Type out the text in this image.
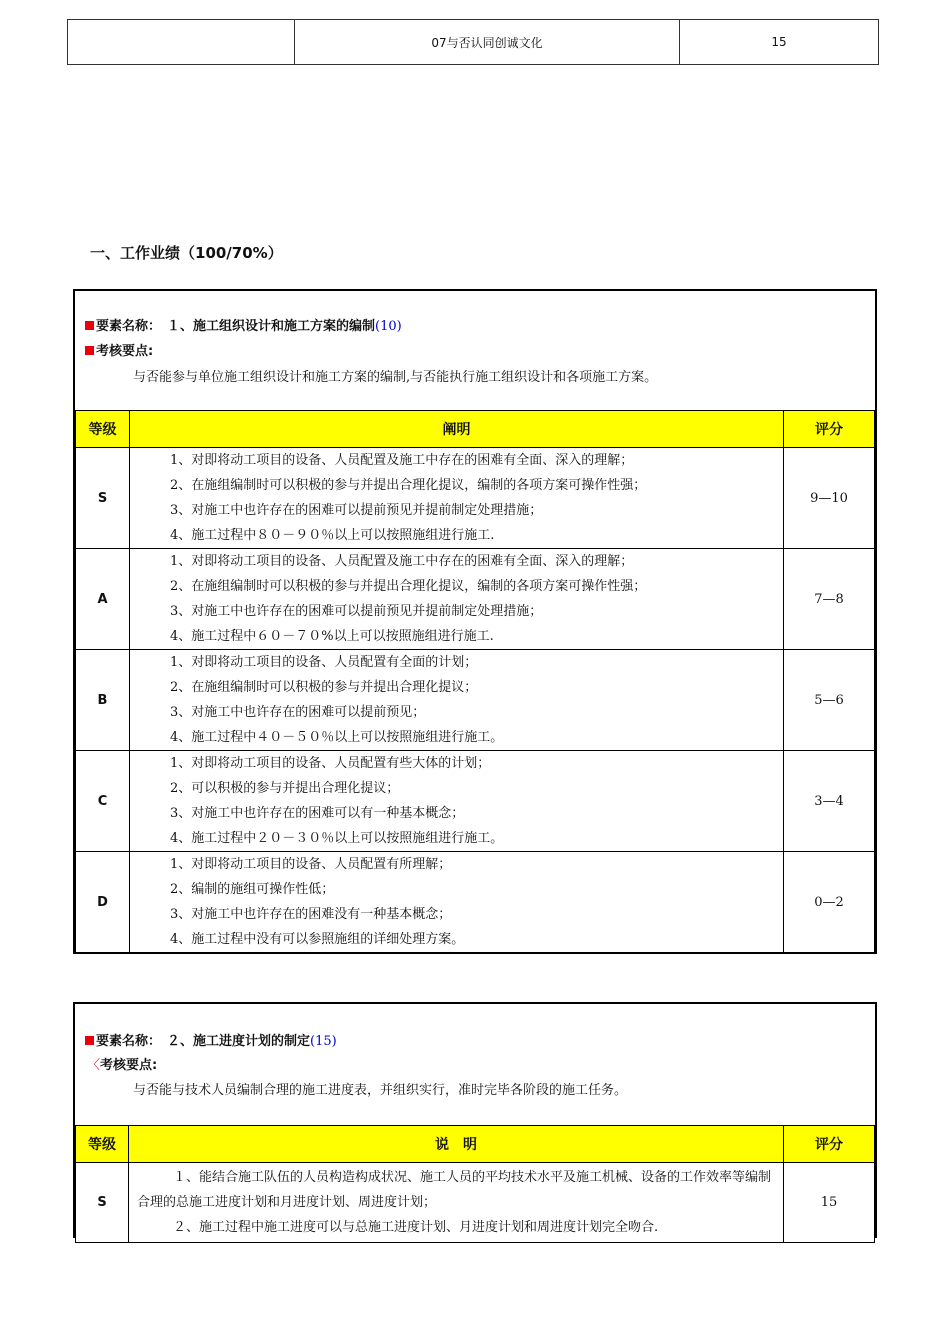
07与否认同创诚文化	15
一、工作业绩（100/70%）
要素名称： １、施工组织设计和施工方案的编制(10)
考核要点:
与否能参与单位施工组织设计和施工方案的编制,与否能执行施工组织设计和各项施工方案。
等级	阐明	评分
S	1、对即将动工项目的设备、人员配置及施工中存在的困难有全面、深入的理解；
2、在施组编制时可以积极的参与并提出合理化提议，编制的各项方案可操作性强；
3、对施工中也许存在的困难可以提前预见并提前制定处理措施；
4、施工过程中８０－９０％以上可以按照施组进行施工.	9—10
A	1、对即将动工项目的设备、人员配置及施工中存在的困难有全面、深入的理解；
2、在施组编制时可以积极的参与并提出合理化提议，编制的各项方案可操作性强；
3、对施工中也许存在的困难可以提前预见并提前制定处理措施；
4、施工过程中６０－７０%以上可以按照施组进行施工.	7—8
B	1、对即将动工项目的设备、人员配置有全面的计划；
2、在施组编制时可以积极的参与并提出合理化提议；
3、对施工中也许存在的困难可以提前预见；
4、施工过程中４０－５０％以上可以按照施组进行施工。	5—6
C	1、对即将动工项目的设备、人员配置有些大体的计划；
2、可以积极的参与并提出合理化提议；
3、对施工中也许存在的困难可以有一种基本概念；
4、施工过程中２０－３０％以上可以按照施组进行施工。	3—4
D	1、对即将动工项目的设备、人员配置有所理解；
2、编制的施组可操作性低；
3、对施工中也许存在的困难没有一种基本概念；
4、施工过程中没有可以参照施组的详细处理方案。	0—2
要素名称： ２、施工进度计划的制定(15)
〈考核要点:
与否能与技术人员编制合理的施工进度表，并组织实行，准时完毕各阶段的施工任务。
等级	说　明	评分
S	１、能结合施工队伍的人员构造构成状况、施工人员的平均技术水平及施工机械、设备的工作效率等编制合理的总施工进度计划和月进度计划、周进度计划；
２、施工过程中施工进度可以与总施工进度计划、月进度计划和周进度计划完全吻合.	15
